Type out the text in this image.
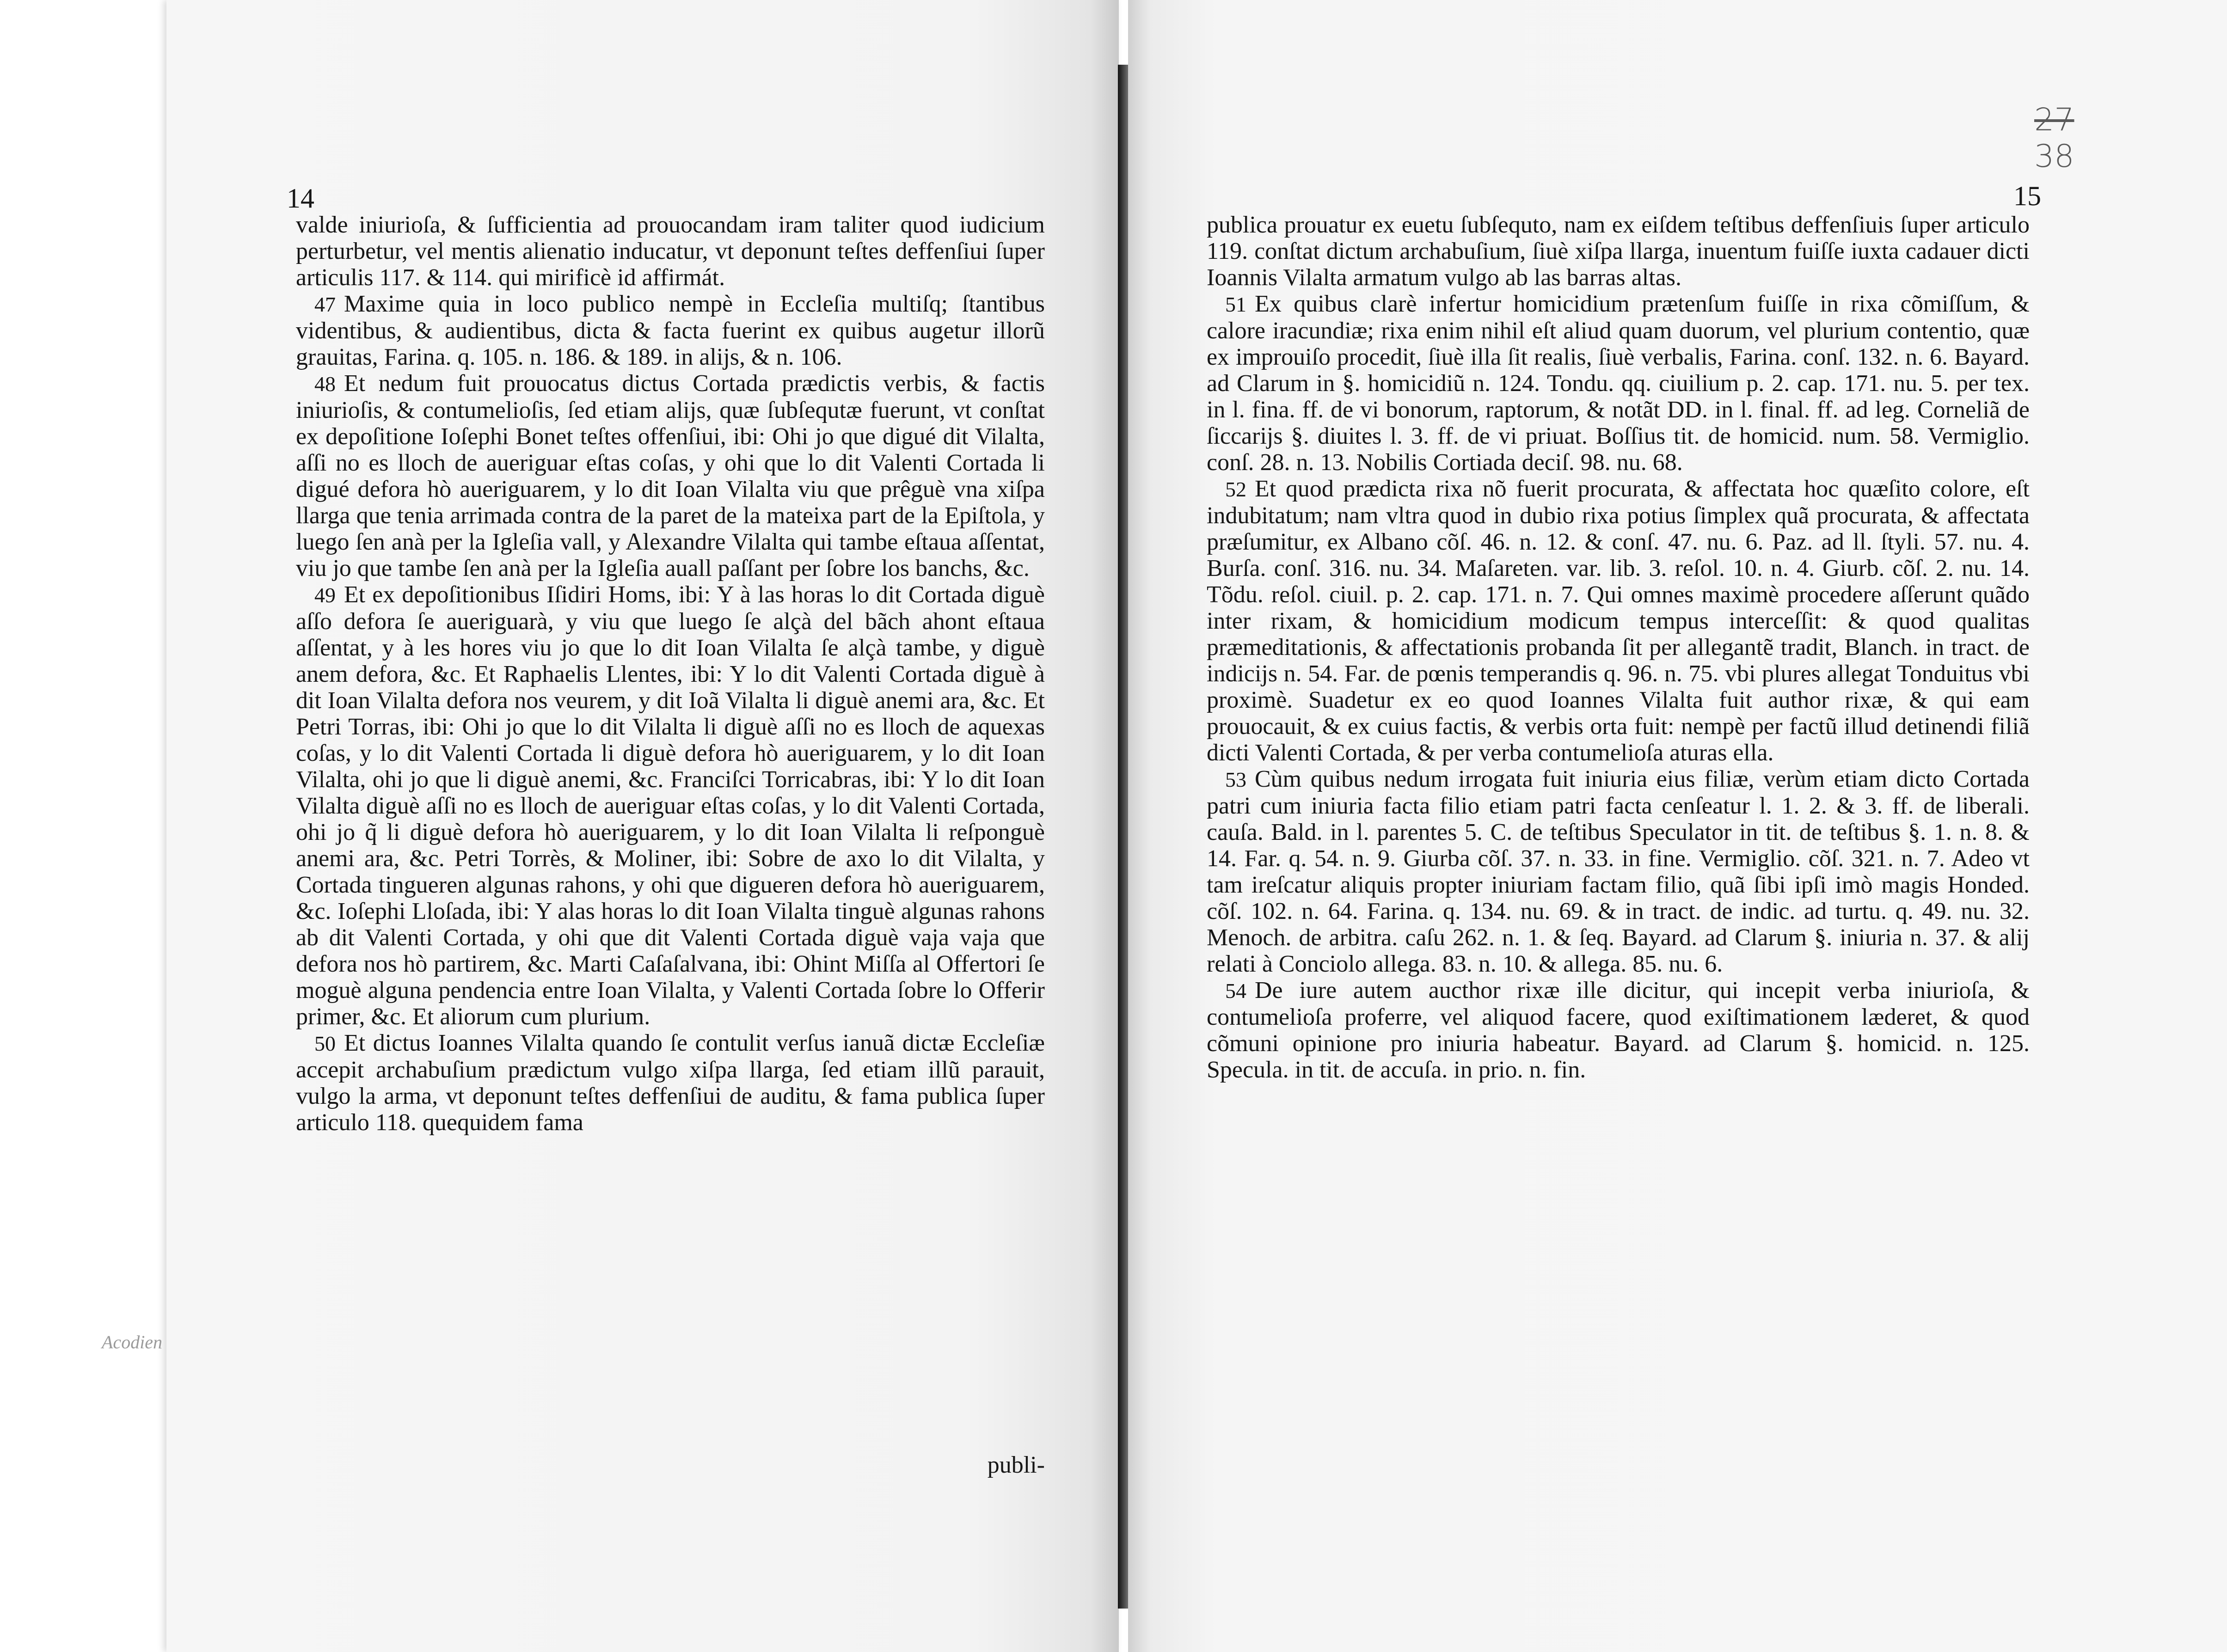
14

valde iniurioſa, & ſufficientia ad prouocandam iram taliter quod iudicium perturbetur, vel mentis alienatio inducatur, vt deponunt teſtes deffenſiui ſuper articulis 117. & 114. qui mirificè id affirmát.

47 Maxime quia in loco publico nempè in Eccleſia multiſq; ſtantibus videntibus, & audientibus, dicta & facta fuerint ex quibus augetur illorũ grauitas, Farina. q. 105. n. 186. & 189. in alijs, & n. 106.

48 Et nedum fuit prouocatus dictus Cortada prædictis verbis, & factis iniurioſis, & contumelioſis, ſed etiam alijs, quæ ſubſequtæ fuerunt, vt conſtat ex depoſitione Ioſephi Bonet teſtes offenſiui, ibi: Ohi jo que digué dit Vilalta, aſſi no es lloch de aueriguar eſtas coſas, y ohi que lo dit Valenti Cortada li digué defora hò aueriguarem, y lo dit Ioan Vilalta viu que prêguè vna xiſpa llarga que tenia arrimada contra de la paret de la mateixa part de la Epiſtola, y luego ſen anà per la Igleſia vall, y Alexandre Vilalta qui tambe eſtaua aſſentat, viu jo que tambe ſen anà per la Igleſia auall paſſant per ſobre los banchs, &c.

49 Et ex depoſitionibus Iſidiri Homs, ibi: Y à las horas lo dit Cortada diguè aſſo defora ſe aueriguarà, y viu que luego ſe alçà del bãch ahont eſtaua aſſentat, y à les hores viu jo que lo dit Ioan Vilalta ſe alçà tambe, y diguè anem defora, &c. Et Raphaelis Llentes, ibi: Y lo dit Valenti Cortada diguè à dit Ioan Vilalta defora nos veurem, y dit Ioã Vilalta li diguè anemi ara, &c. Et Petri Torras, ibi: Ohi jo que lo dit Vilalta li diguè aſſi no es lloch de aquexas coſas, y lo dit Valenti Cortada li diguè defora hò aueriguarem, y lo dit Ioan Vilalta, ohi jo que li diguè anemi, &c. Franciſci Torricabras, ibi: Y lo dit Ioan Vilalta diguè aſſi no es lloch de aueriguar eſtas coſas, y lo dit Valenti Cortada, ohi jo q̃ li diguè defora hò aueriguarem, y lo dit Ioan Vilalta li reſponguè anemi ara, &c. Petri Torrès, & Moliner, ibi: Sobre de axo lo dit Vilalta, y Cortada tingueren algunas rahons, y ohi que digueren defora hò aueriguarem, &c. Ioſephi Lloſada, ibi: Y alas horas lo dit Ioan Vilalta tinguè algunas rahons ab dit Valenti Cortada, y ohi que dit Valenti Cortada diguè vaja vaja que defora nos hò partirem, &c. Marti Caſaſalvana, ibi: Ohint Miſſa al Offertori ſe moguè alguna pendencia entre Ioan Vilalta, y Valenti Cortada ſobre lo Offerir primer, &c. Et aliorum cum plurium.

50 Et dictus Ioannes Vilalta quando ſe contulit verſus ianuã dictæ Eccleſiæ accepit archabuſium prædictum vulgo xiſpa llarga, ſed etiam illũ parauit, vulgo la arma, vt deponunt teſtes deffenſiui de auditu, & fama publica ſuper articulo 118. quequidem fama

publi-
Acodien
15
27
38

publica prouatur ex euetu ſubſequto, nam ex eiſdem teſtibus deffenſiuis ſuper articulo 119. conſtat dictum archabuſium, ſiuè xiſpa llarga, inuentum fuiſſe iuxta cadauer dicti Ioannis Vilalta armatum vulgo ab las barras altas.

51 Ex quibus clarè infertur homicidium prætenſum fuiſſe in rixa cõmiſſum, & calore iracundiæ; rixa enim nihil eſt aliud quam duorum, vel plurium contentio, quæ ex improuiſo procedit, ſiuè illa ſit realis, ſiuè verbalis, Farina. conſ. 132. n. 6. Bayard. ad Clarum in §. homicidiũ n. 124. Tondu. qq. ciuilium p. 2. cap. 171. nu. 5. per tex. in l. fina. ff. de vi bonorum, raptorum, & notãt DD. in l. final. ff. ad leg. Corneliã de ſiccarijs §. diuites l. 3. ff. de vi priuat. Boſſius tit. de homicid. num. 58. Vermiglio. conſ. 28. n. 13. Nobilis Cortiada deciſ. 98. nu. 68.

52 Et quod prædicta rixa nõ fuerit procurata, & affectata hoc quæſito colore, eſt indubitatum; nam vltra quod in dubio rixa potius ſimplex quã procurata, & affectata præſumitur, ex Albano cõſ. 46. n. 12. & conſ. 47. nu. 6. Paz. ad ll. ſtyli. 57. nu. 4. Burſa. conſ. 316. nu. 34. Maſareten. var. lib. 3. reſol. 10. n. 4. Giurb. cõſ. 2. nu. 14. Tõdu. reſol. ciuil. p. 2. cap. 171. n. 7. Qui omnes maximè procedere aſſerunt quãdo inter rixam, & homicidium modicum tempus interceſſit: & quod qualitas præmeditationis, & affectationis probanda ſit per allegantẽ tradit, Blanch. in tract. de indicijs n. 54. Far. de pœnis temperandis q. 96. n. 75. vbi plures allegat Tonduitus vbi proximè. Suadetur ex eo quod Ioannes Vilalta fuit author rixæ, & qui eam prouocauit, & ex cuius factis, & verbis orta fuit: nempè per factũ illud detinendi filiã dicti Valenti Cortada, & per verba contumelioſa aturas ella.

53 Cùm quibus nedum irrogata fuit iniuria eius filiæ, verùm etiam dicto Cortada patri cum iniuria facta filio etiam patri facta cenſeatur l. 1. 2. & 3. ff. de liberali. cauſa. Bald. in l. parentes 5. C. de teſtibus Speculator in tit. de teſtibus §. 1. n. 8. & 14. Far. q. 54. n. 9. Giurba cõſ. 37. n. 33. in fine. Vermiglio. cõſ. 321. n. 7. Adeo vt tam ireſcatur aliquis propter iniuriam factam filio, quã ſibi ipſi imò magis Honded. cõſ. 102. n. 64. Farina. q. 134. nu. 69. & in tract. de indic. ad turtu. q. 49. nu. 32. Menoch. de arbitra. caſu 262. n. 1. & ſeq. Bayard. ad Clarum §. iniuria n. 37. & alij relati à Conciolo allega. 83. n. 10. & allega. 85. nu. 6.

54 De iure autem aucthor rixæ ille dicitur, qui incepit verba iniurioſa, & contumelioſa proferre, vel aliquod facere, quod exiſtimationem læderet, & quod cõmuni opinione pro iniuria habeatur. Bayard. ad Clarum §. homicid. n. 125. Specula. in tit. de accuſa. in prio. n. fin.
